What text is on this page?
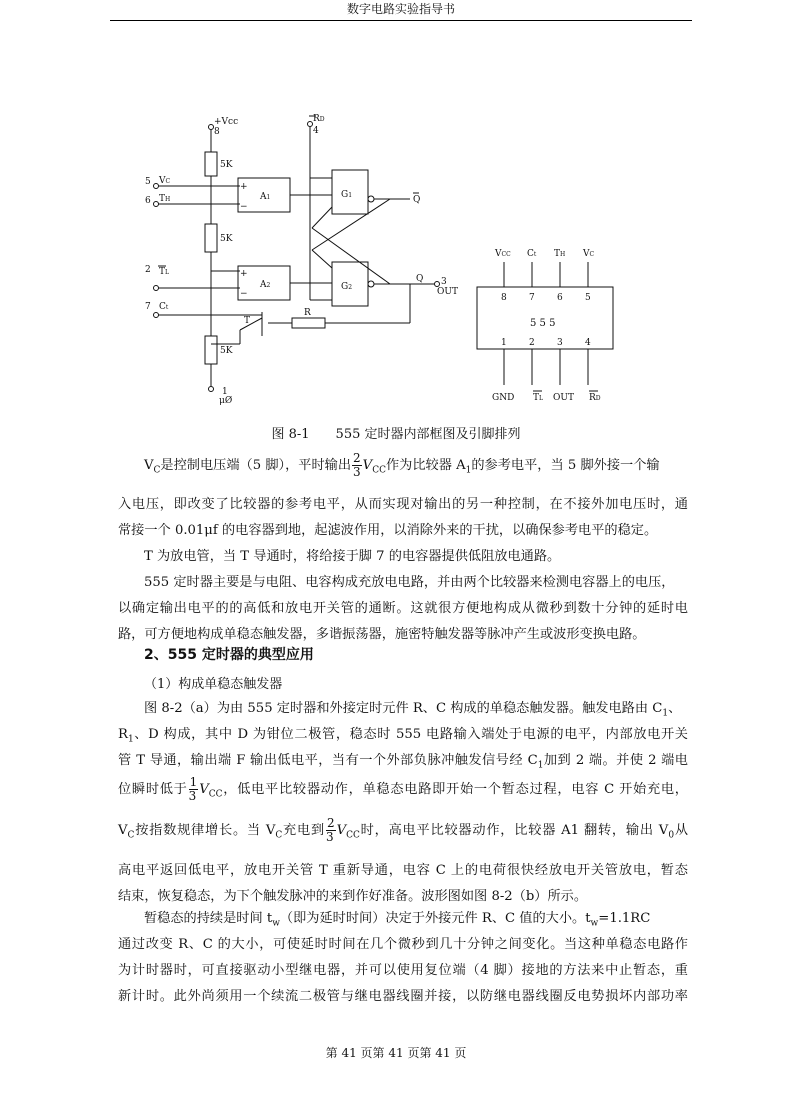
数字电路实验指导书
+Vcc
8
RD
4
5K
5K
5K
5 VC
6 TH
2 TL
7 Ct
+
−
+
−
A1
A2
G1
G2
Q
Q 3
OUT
T
R
1
μØ
5 5 5
VCC Ct TH VC
8 7 6 5
1 2 3 4
GND TL OUT RD
图 8-1　　555 定时器内部框图及引脚排列
$V_C$是控制电压端（5 脚），平时输出 $\frac{2}{3} V_{CC}$作为比较器 $A_1$的参考电平，当 5 脚外接一个输
入电压，即改变了比较器的参考电平，从而实现对输出的另一种控制，在不接外加电压时，通
常接一个 0.01μf 的电容器到地，起滤波作用，以消除外来的干扰，以确保参考电平的稳定。
T 为放电管，当 T 导通时，将给接于脚 7 的电容器提供低阻放电通路。
555 定时器主要是与电阻、电容构成充放电电路，并由两个比较器来检测电容器上的电压，
以确定输出电平的的高低和放电开关管的通断。这就很方便地构成从微秒到数十分钟的延时电
路，可方便地构成单稳态触发器，多谐振荡器，施密特触发器等脉冲产生或波形变换电路。
2、555 定时器的典型应用
（1）构成单稳态触发器
图 8-2（a）为由 555 定时器和外接定时元件 R、C 构成的单稳态触发器。触发电路由 $C_1$、
$R_1$、D 构成，其中 D 为钳位二极管，稳态时 555 电路输入端处于电源的电平，内部放电开关
管 T 导通，输出端 F 输出低电平，当有一个外部负脉冲触发信号经 $C_1$加到 2 端。并使 2 端电
位瞬时低于 $\frac{1}{3} V_{CC}$，低电平比较器动作，单稳态电路即开始一个暂态过程，电容 C 开始充电，
$V_C$按指数规律增长。当 $V_C$充电到 $\frac{2}{3} V_{CC}$时，高电平比较器动作，比较器 A1 翻转，输出 $V_0$从
高电平返回低电平，放电开关管 T 重新导通，电容 C 上的电荷很快经放电开关管放电，暂态
结束，恢复稳态，为下个触发脉冲的来到作好准备。波形图如图 8-2（b）所示。
暂稳态的持续是时间 $t_w$（即为延时时间）决定于外接元件 R、C 值的大小。$t_w=1.1RC$
通过改变 R、C 的大小，可使延时时间在几个微秒到几十分钟之间变化。当这种单稳态电路作
为计时器时，可直接驱动小型继电器，并可以使用复位端（4 脚）接地的方法来中止暂态，重
新计时。此外尚须用一个续流二极管与继电器线圈并接，以防继电器线圈反电势损坏内部功率
第 41 页第 41 页第 41 页
